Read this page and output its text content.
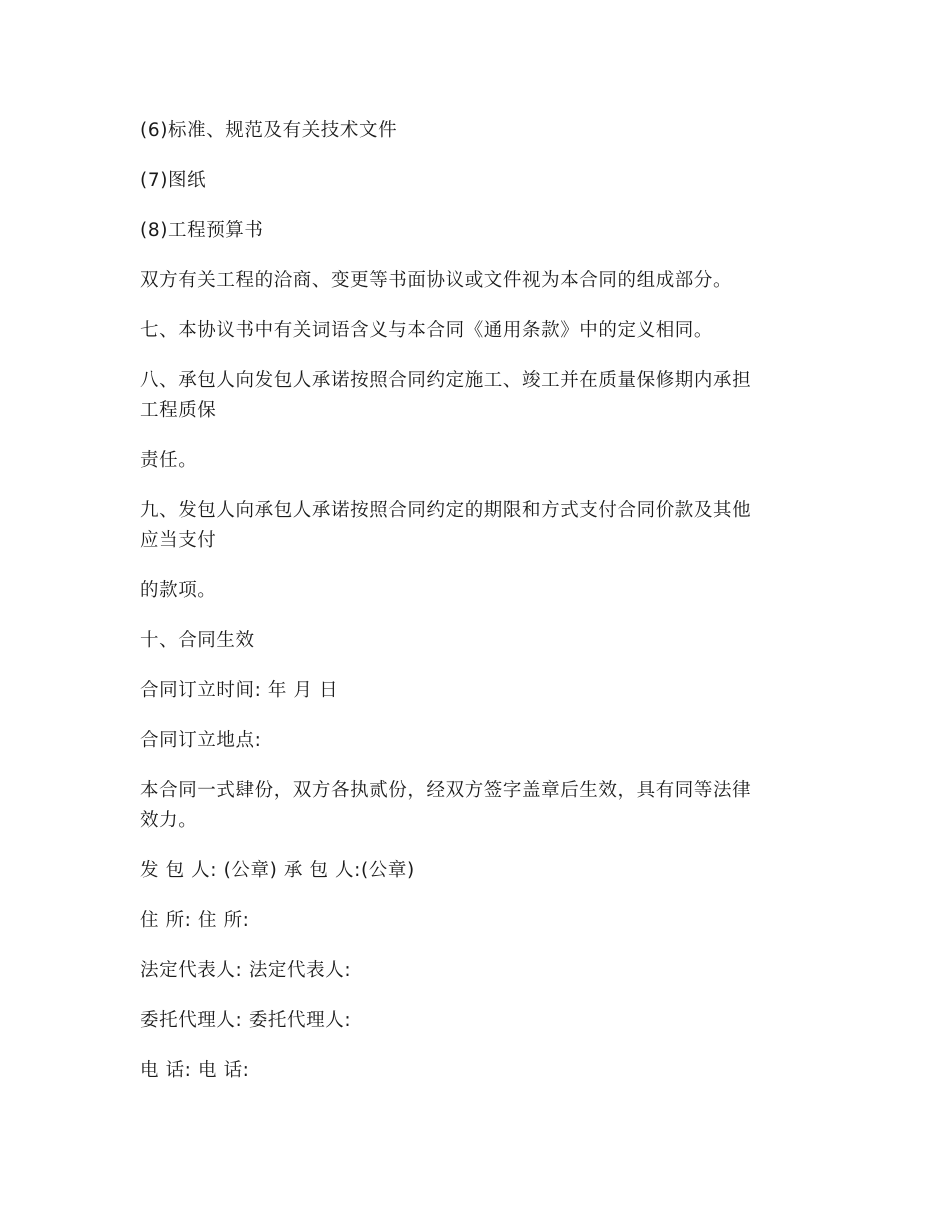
(6)标准、规范及有关技术文件
(7)图纸
(8)工程预算书
双方有关工程的洽商、变更等书面协议或文件视为本合同的组成部分。
七、本协议书中有关词语含义与本合同《通用条款》中的定义相同。
八、承包人向发包人承诺按照合同约定施工、竣工并在质量保修期内承担
工程质保
责任。
九、发包人向承包人承诺按照合同约定的期限和方式支付合同价款及其他
应当支付
的款项。
十、合同生效
合同订立时间: 年 月 日
合同订立地点:
本合同一式肆份，双方各执贰份，经双方签字盖章后生效，具有同等法律
效力。
发 包 人: (公章) 承 包 人:(公章)
住 所: 住 所:
法定代表人: 法定代表人:
委托代理人: 委托代理人:
电 话: 电 话:
